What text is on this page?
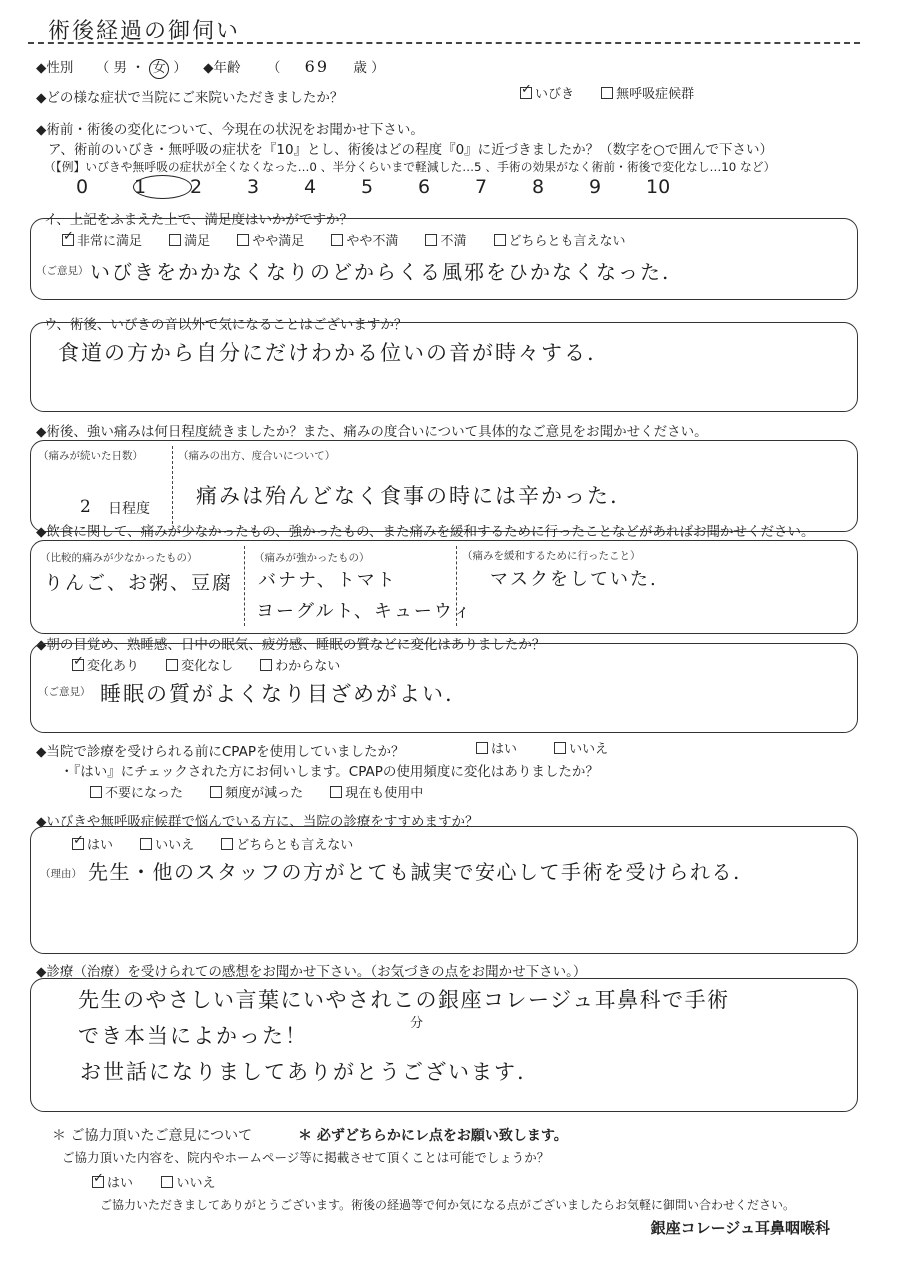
術後経過の御伺い
◆性別 （ 男 ・ 女 ） ◆年齢 （ 69 歳 ）
◆どの様な症状で当院にご来院いただきましたか？
✓	いびき	無呼吸症候群
◆術前・術後の変化について、今現在の状況をお聞かせ下さい。
ア、術前のいびき・無呼吸の症状を『10』とし、術後はどの程度『0』に近づきましたか？（数字を○で囲んで下さい）
（【例】いびきや無呼吸の症状が全くなくなった…0 、半分くらいまで軽減した…5 、手術の効果がなく術前・術後で変化なし…10 など）
0 1 2 3 4 5 6 7 8 9 10
イ、上記をふまえた上で、満足度はいかがですか？
✓非常に満足	満足	やや満足	やや不満	不満	どちらとも言えない
（ご意見） いびきをかかなくなりのどからくる風邪をひかなくなった.
ウ、術後、いびきの音以外で気になることはございますか？
食道の方から自分にだけわかる位いの音が時々する.
◆術後、強い痛みは何日程度続きましたか？また、痛みの度合いについて具体的なご意見をお聞かせください。
（痛みが続いた日数）	（痛みの出方、度合いについて）
2 日程度
痛みは殆んどなく食事の時には辛かった.
◆飲食に関して、痛みが少なかったもの、強かったもの、また痛みを緩和するために行ったことなどがあればお聞かせください。
（比較的痛みが少なかったもの）	（痛みが強かったもの）	（痛みを緩和するために行ったこと）
りんご、お粥、豆腐 バナナ、トマト
ヨーグルト、キューウィ
マスクをしていた.
◆朝の目覚め、熟睡感、日中の眠気、疲労感、睡眠の質などに変化はありましたか？
✓変化あり	変化なし	わからない
（ご意見） 睡眠の質がよくなり目ざめがよい.
◆当院で診療を受けられる前にCPAPを使用していましたか？	はい	いいえ
・『はい』にチェックされた方にお伺いします。CPAPの使用頻度に変化はありましたか？
不要になった	頻度が減った	現在も使用中
◆いびきや無呼吸症候群で悩んでいる方に、当院の診療をすすめますか？
✓はい	いいえ	どちらとも言えない
（理由） 先生・他のスタッフの方がとても誠実で安心して手術を受けられる.
◆診療（治療）を受けられての感想をお聞かせ下さい。（お気づきの点をお聞かせ下さい。）
先生のやさしい言葉にいやされこの銀座コレージュ耳鼻科で手術
分
でき本当によかった！
お世話になりましてありがとうございます.
＊ ご協力頂いたご意見について	＊ 必ずどちらかにレ点をお願い致します。
ご協力頂いた内容を、院内やホームページ等に掲載させて頂くことは可能でしょうか？
✓はい	いいえ
ご協力いただきましてありがとうございます。術後の経過等で何か気になる点がございましたらお気軽に御問い合わせください。
銀座コレージュ耳鼻咽喉科
